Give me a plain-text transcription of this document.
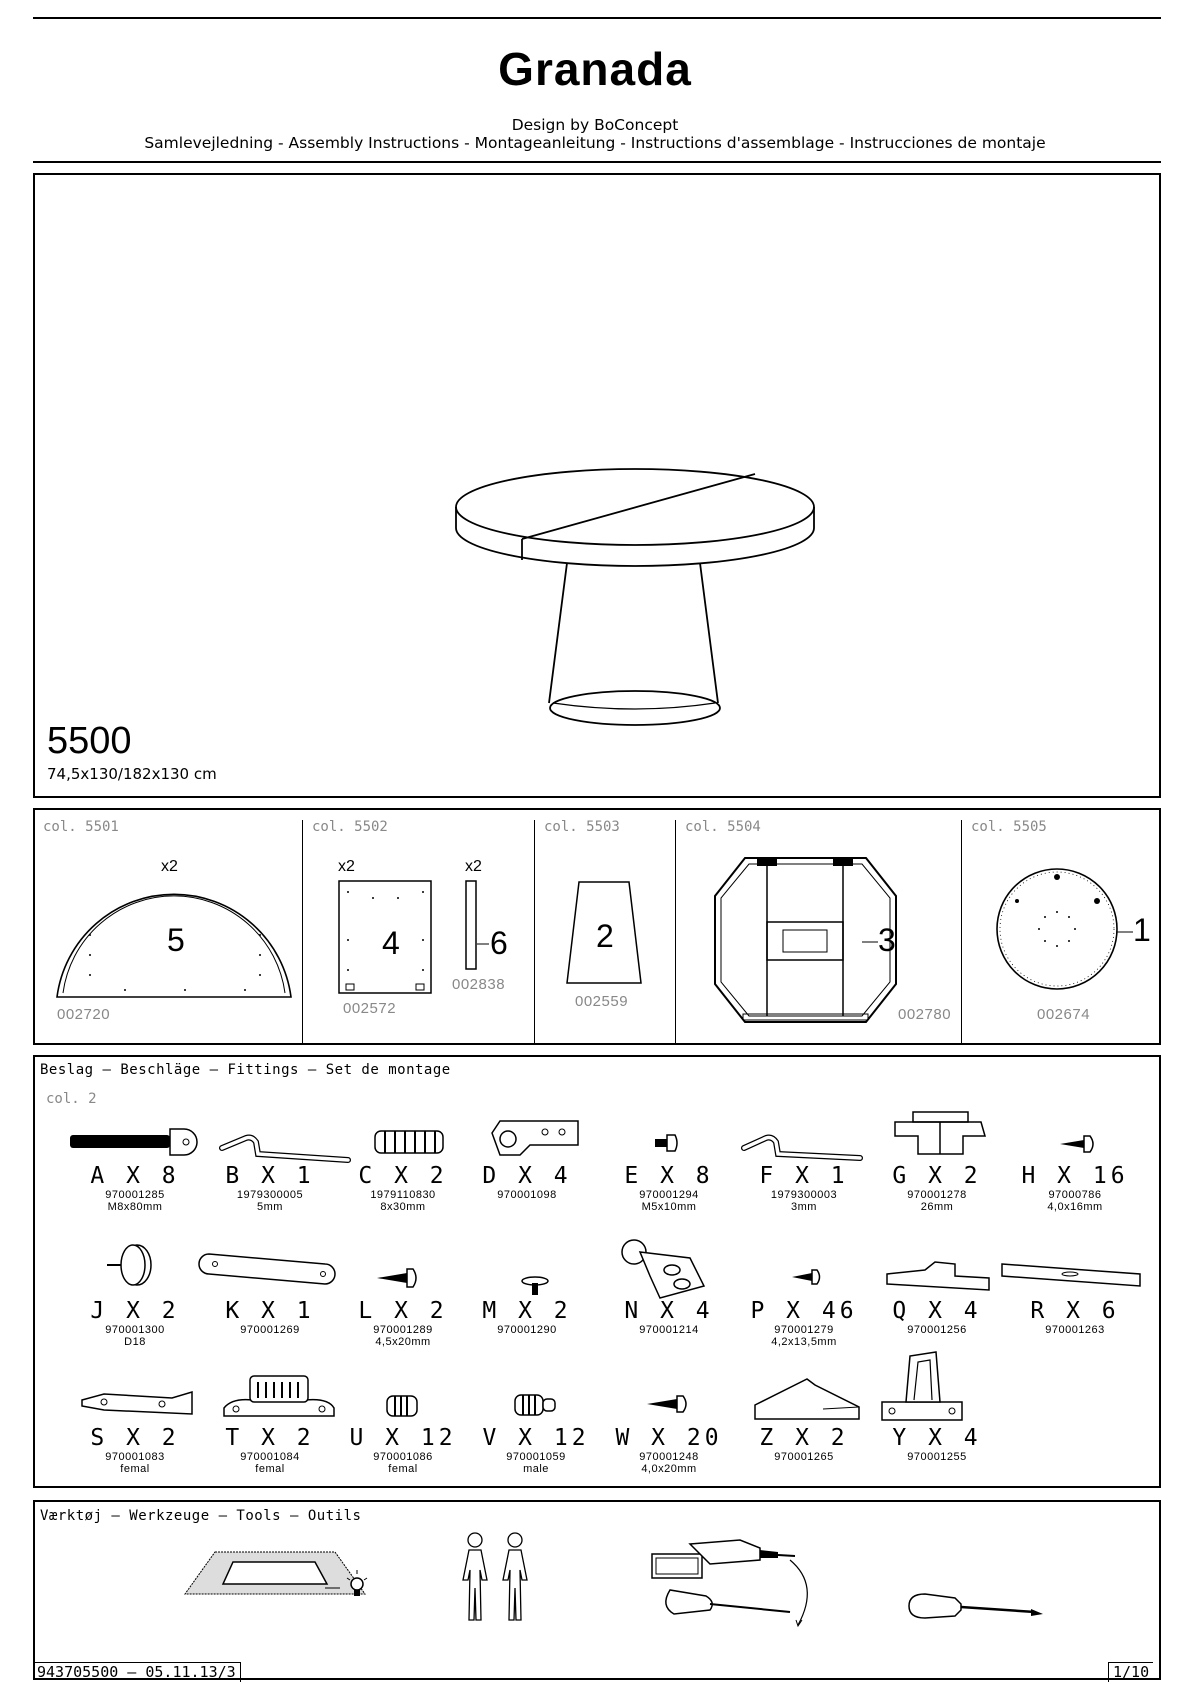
Granada
Design by BoConcept
Samlevejledning - Assembly Instructions - Montageanleitung - Instructions d'assemblage - Instrucciones de montaje
5500
74,5x130/182x130 cm
col. 5501
x2
5
002720
col. 5502
x2	x2
4	6
002572
002838
col. 5503
2
002559
col. 5504
3
002780
col. 5505
1
002674
Beslag — Beschläge — Fittings — Set de montage
col. 2
A X 8
970001285
M8x80mm
B X 1
1979300005
5mm
C X 2
1979110830
8x30mm
D X 4
970001098
E X 8
970001294
M5x10mm
F X 1
1979300003
3mm
G X 2
970001278
26mm
H X 16
97000786
4,0x16mm
J X 2
970001300
D18
K X 1
970001269
L X 2
970001289
4,5x20mm
M X 2
970001290
N X 4
970001214
P X 46
970001279
4,2x13,5mm
Q X 4
970001256
R X 6
970001263
S X 2
970001083
femal
T X 2
970001084
femal
U X 12
970001086
femal
V X 12
970001059
male
W X 20
970001248
4,0x20mm
Z X 2
970001265
Y X 4
970001255
Værktøj — Werkzeuge — Tools — Outils
943705500 — 05.11.13/3	1/10
